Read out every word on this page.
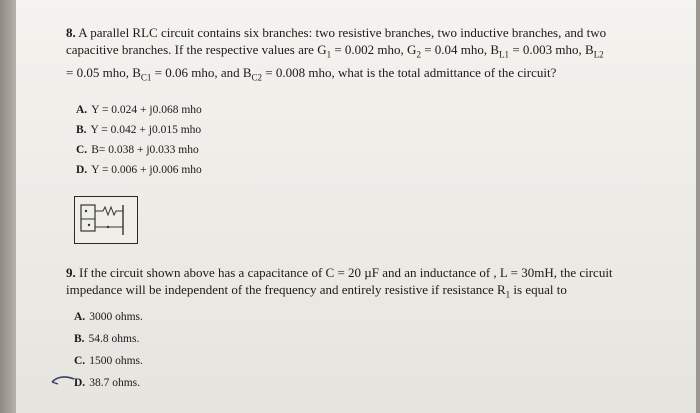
8. A parallel RLC circuit contains six branches: two resistive branches, two inductive branches, and two
capacitive branches. If the respective values are $G_1 = 0.002$ mho, $G_2 = 0.04$ mho, $B_{L1} = 0.003$ mho, $B_{L2}$
= 0.05 mho, $B_{C1} = 0.06$ mho, and $B_{C2} = 0.008$ mho, what is the total admittance of the circuit?

A. Y = 0.024 + j0.068 mho
B. Y = 0.042 + j0.015 mho
C. B= 0.038 + j0.033 mho
D. Y = 0.006 + j0.006 mho
9. If the circuit shown above has a capacitance of C = 20 µF and an inductance of , L = 30mH, the circuit
impedance will be independent of the frequency and entirely resistive if resistance $R_1$ is equal to
A. 3000 ohms.
B. 54.8 ohms.
C. 1500 ohms.
D. 38.7 ohms.
